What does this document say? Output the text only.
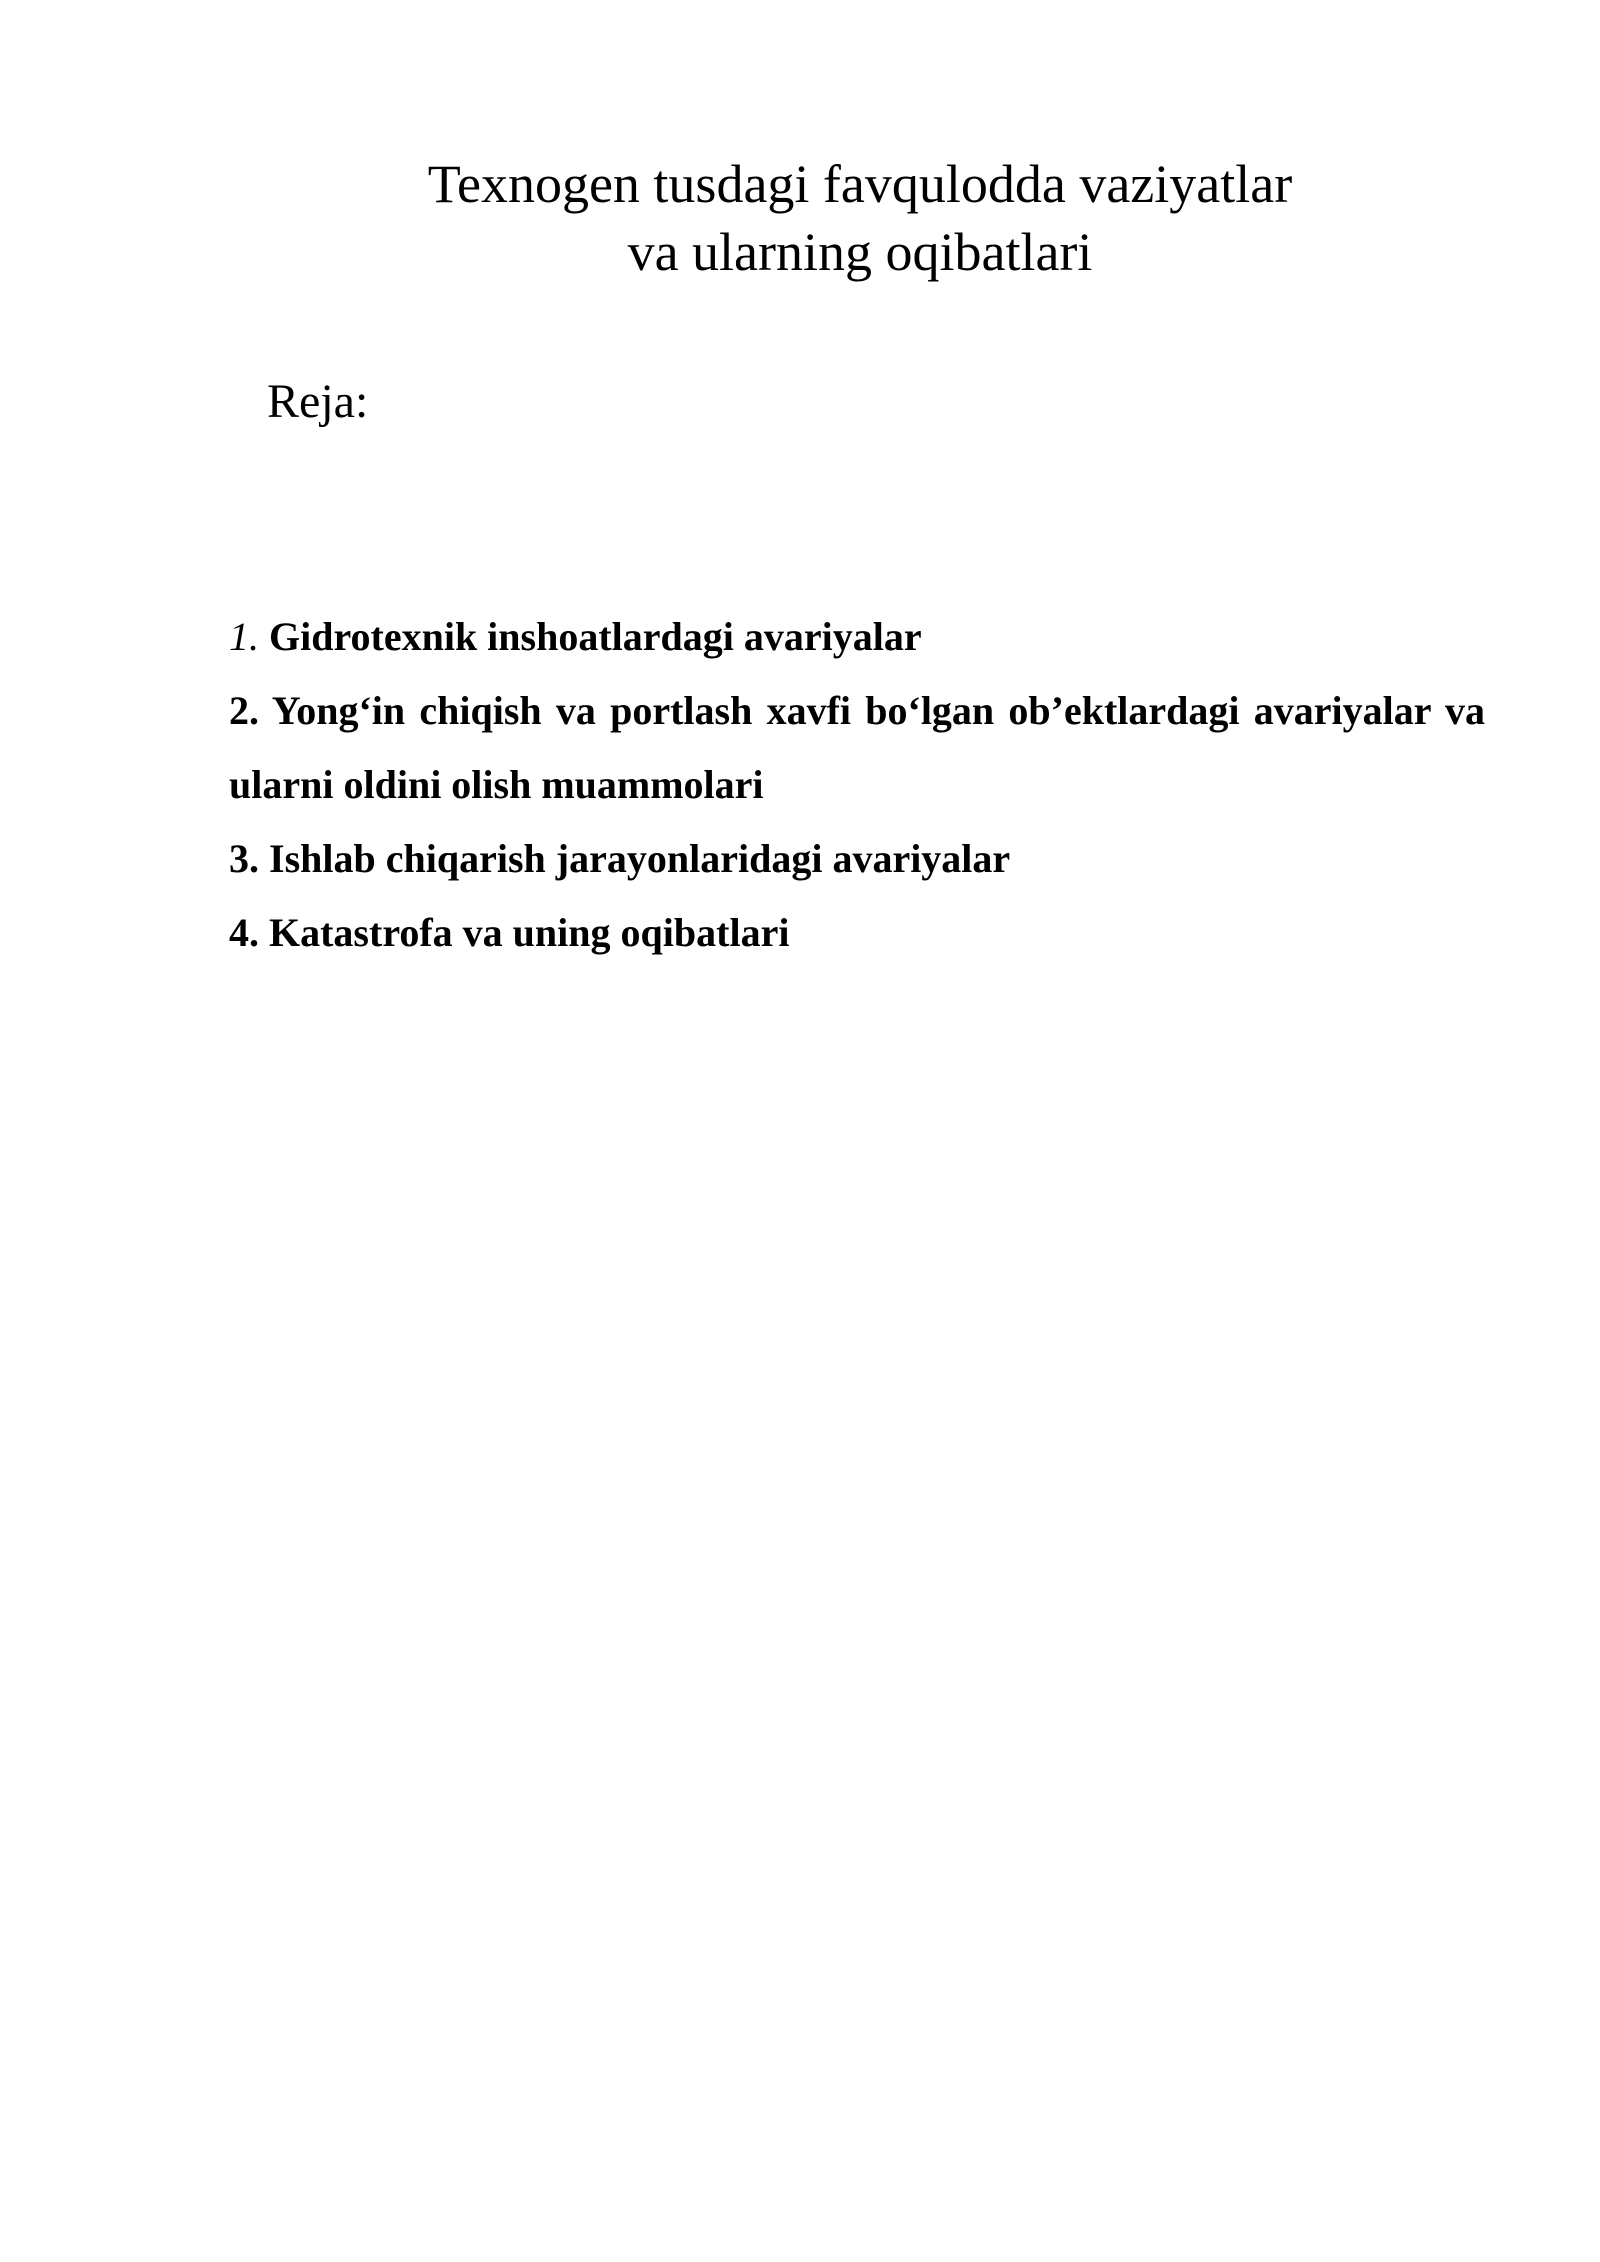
Texnogen tusdagi favqulodda vaziyatlar
va ularning oqibatlari

Reja:

1. Gidrotexnik inshoatlardagi avariyalar
2. Yong‘in chiqish va portlash xavfi bo‘lgan ob’ektlardagi avariyalar va ularni oldini olish muammolari
3. Ishlab chiqarish jarayonlaridagi avariyalar
4. Katastrofa va uning oqibatlari
